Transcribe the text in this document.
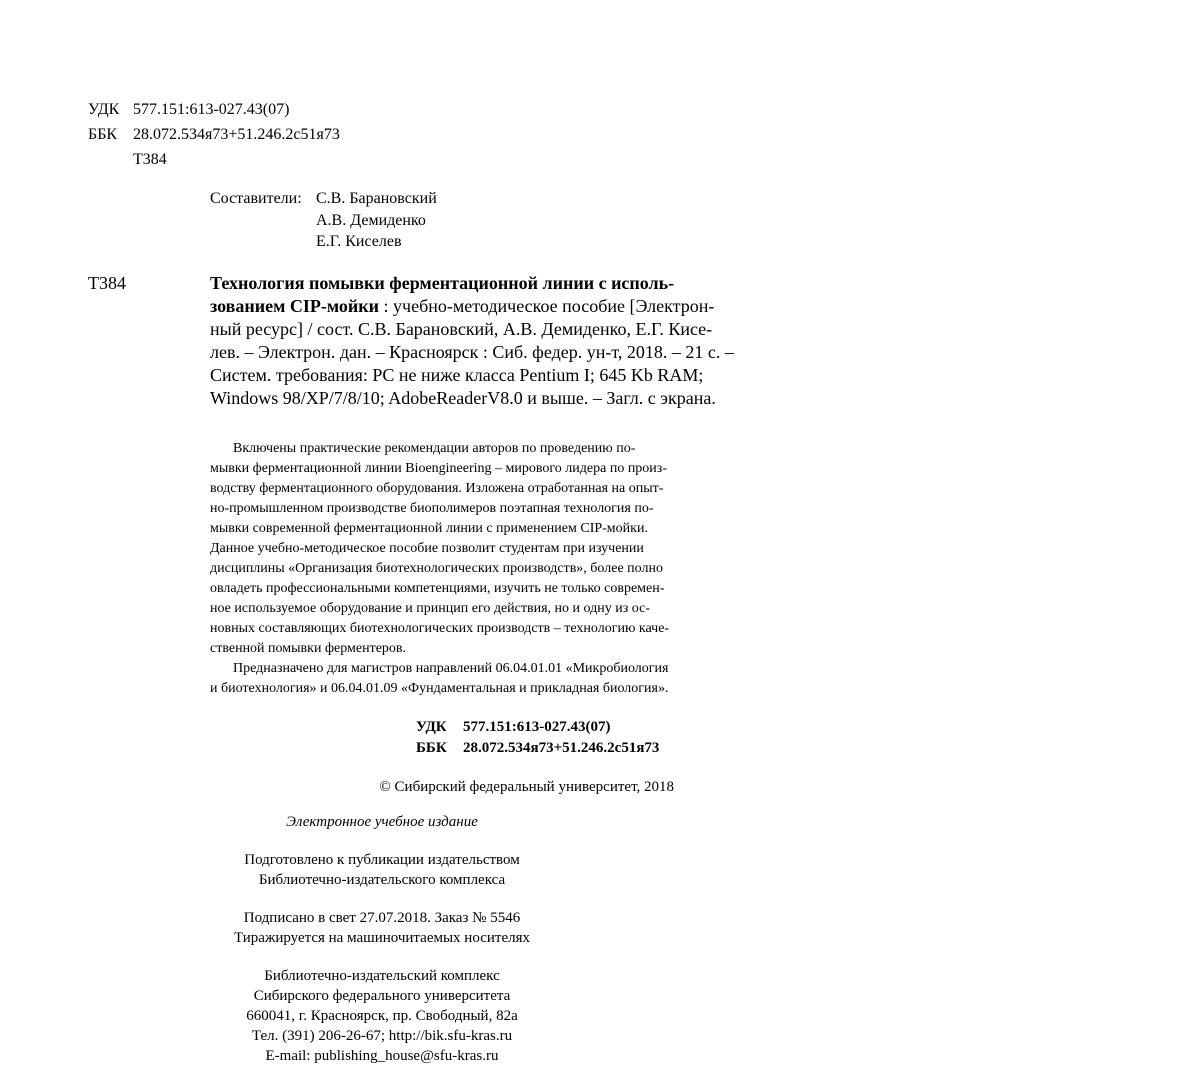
УДК 577.151:613-027.43(07)
ББК 28.072.534я73+51.246.2с51я73
Т384
Составители: С.В. Барановский
А.В. Демиденко
Е.Г. Киселев
Т384	Технология помывки ферментационной линии с исполь-
зованием CIP-мойки : учебно-методическое пособие [Электрон-
ный ресурс] / сост. С.В. Барановский, А.В. Демиденко, Е.Г. Кисе-
лев. – Электрон. дан. – Красноярск : Сиб. федер. ун-т, 2018. – 21 с. –
Систем. требования: PC не ниже класса Pentium I; 645 Kb RAM;
Windows 98/XP/7/8/10; AdobeReaderV8.0 и выше. – Загл. с экрана.
Включены практические рекомендации авторов по проведению по-
мывки ферментационной линии Bioengineering – мирового лидера по произ-
водству ферментационного оборудования. Изложена отработанная на опыт-
но-промышленном производстве биополимеров поэтапная технология по-
мывки современной ферментационной линии с применением CIP-мойки.
Данное учебно-методическое пособие позволит студентам при изучении
дисциплины «Организация биотехнологических производств», более полно
овладеть профессиональными компетенциями, изучить не только современ-
ное используемое оборудование и принцип его действия, но и одну из ос-
новных составляющих биотехнологических производств – технологию каче-
ственной помывки ферментеров.
Предназначено для магистров направлений 06.04.01.01 «Микробиология
и биотехнология» и 06.04.01.09 «Фундаментальная и прикладная биология».
УДК 577.151:613-027.43(07)
ББК 28.072.534я73+51.246.2с51я73
© Сибирский федеральный университет, 2018
Электронное учебное издание
Подготовлено к публикации издательством
Библиотечно-издательского комплекса
Подписано в свет 27.07.2018. Заказ № 5546
Тиражируется на машиночитаемых носителях
Библиотечно-издательский комплекс
Сибирского федерального университета
660041, г. Красноярск, пр. Свободный, 82а
Тел. (391) 206-26-67; http://bik.sfu-kras.ru
E-mail: publishing_house@sfu-kras.ru
